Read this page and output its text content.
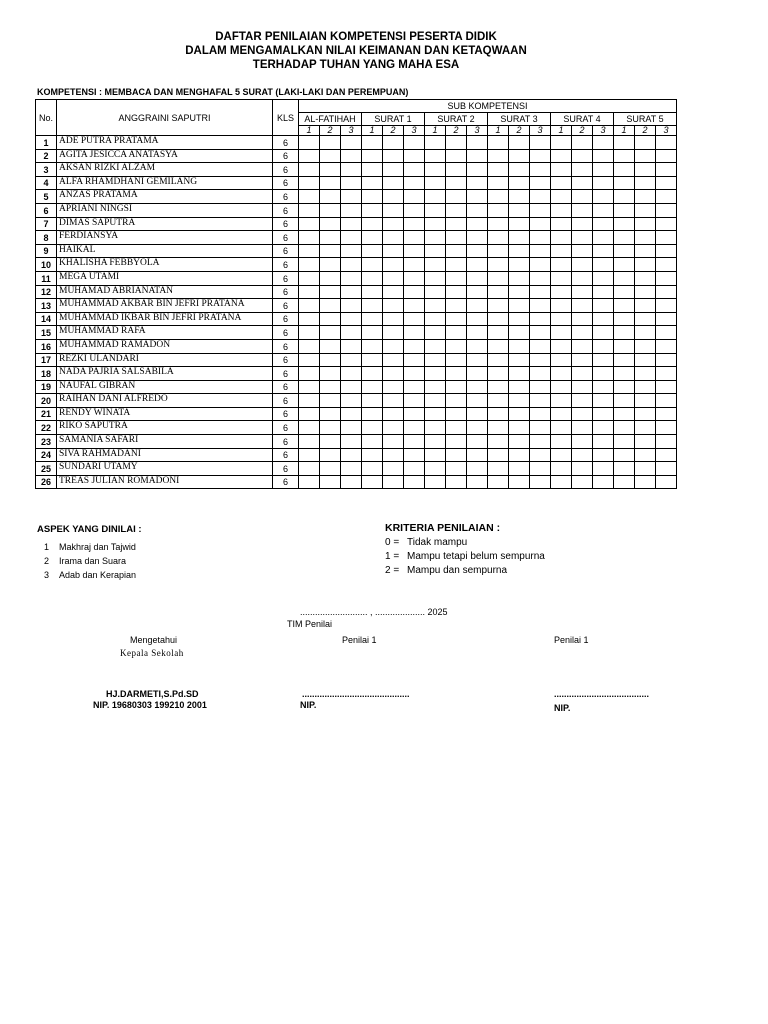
DAFTAR PENILAIAN KOMPETENSI PESERTA DIDIK
DALAM MENGAMALKAN NILAI KEIMANAN DAN KETAQWAAN
TERHADAP TUHAN YANG MAHA ESA
KOMPETENSI : MEMBACA DAN MENGHAFAL 5 SURAT (LAKI-LAKI DAN PEREMPUAN)
No.	ANGGRAINI SAPUTRI	KLS	SUB KOMPETENSI																	
			AL-FATIHAH			SURAT 1			SURAT 2			SURAT 3			SURAT 4			SURAT 5		
			1	2	3	1	2	3	1	2	3	1	2	3	1	2	3	1	2	3
1	ADE PUTRA PRATAMA	6																		
2	AGITA JESICCA ANATASYA	6																		
3	AKSAN RIZKI ALZAM	6																		
4	ALFA RHAMDHANI GEMILANG	6																		
5	ANZAS PRATAMA	6																		
6	APRIANI NINGSI	6																		
7	DIMAS SAPUTRA	6																		
8	FERDIANSYA	6																		
9	HAIKAL	6																		
10	KHALISHA FEBBYOLA	6																		
11	MEGA UTAMI	6																		
12	MUHAMAD ABRIANATAN	6																		
13	MUHAMMAD AKBAR BIN JEFRI PRATANA	6																		
14	MUHAMMAD IKBAR BIN JEFRI PRATANA	6																		
15	MUHAMMAD RAFA	6																		
16	MUHAMMAD RAMADON	6																		
17	REZKI ULANDARI	6																		
18	NADA PAJRIA SALSABILA	6																		
19	NAUFAL GIBRAN	6																		
20	RAIHAN DANI ALFREDO	6																		
21	RENDY WINATA	6																		
22	RIKO SAPUTRA	6																		
23	SAMANIA SAFARI	6																		
24	SIVA RAHMADANI	6																		
25	SUNDARI UTAMY	6																		
26	TREAS JULIAN ROMADONI	6																		
ASPEK YANG DINILAI :
1 Makhraj dan Tajwid
2 Irama dan Suara
3 Adab dan Kerapian
KRITERIA PENILAIAN :
0 = Tidak mampu
1 = Mampu tetapi belum sempurna
2 = Mampu dan sempurna
........................... , .................... 2025
TIM Penilai
Mengetahui
Kepala Sekolah
Penilai 1	Penilai 1
HJ.DARMETI,S.Pd.SD
NIP. 19680303 199210 2001
...........................................
NIP.
......................................
NIP.
